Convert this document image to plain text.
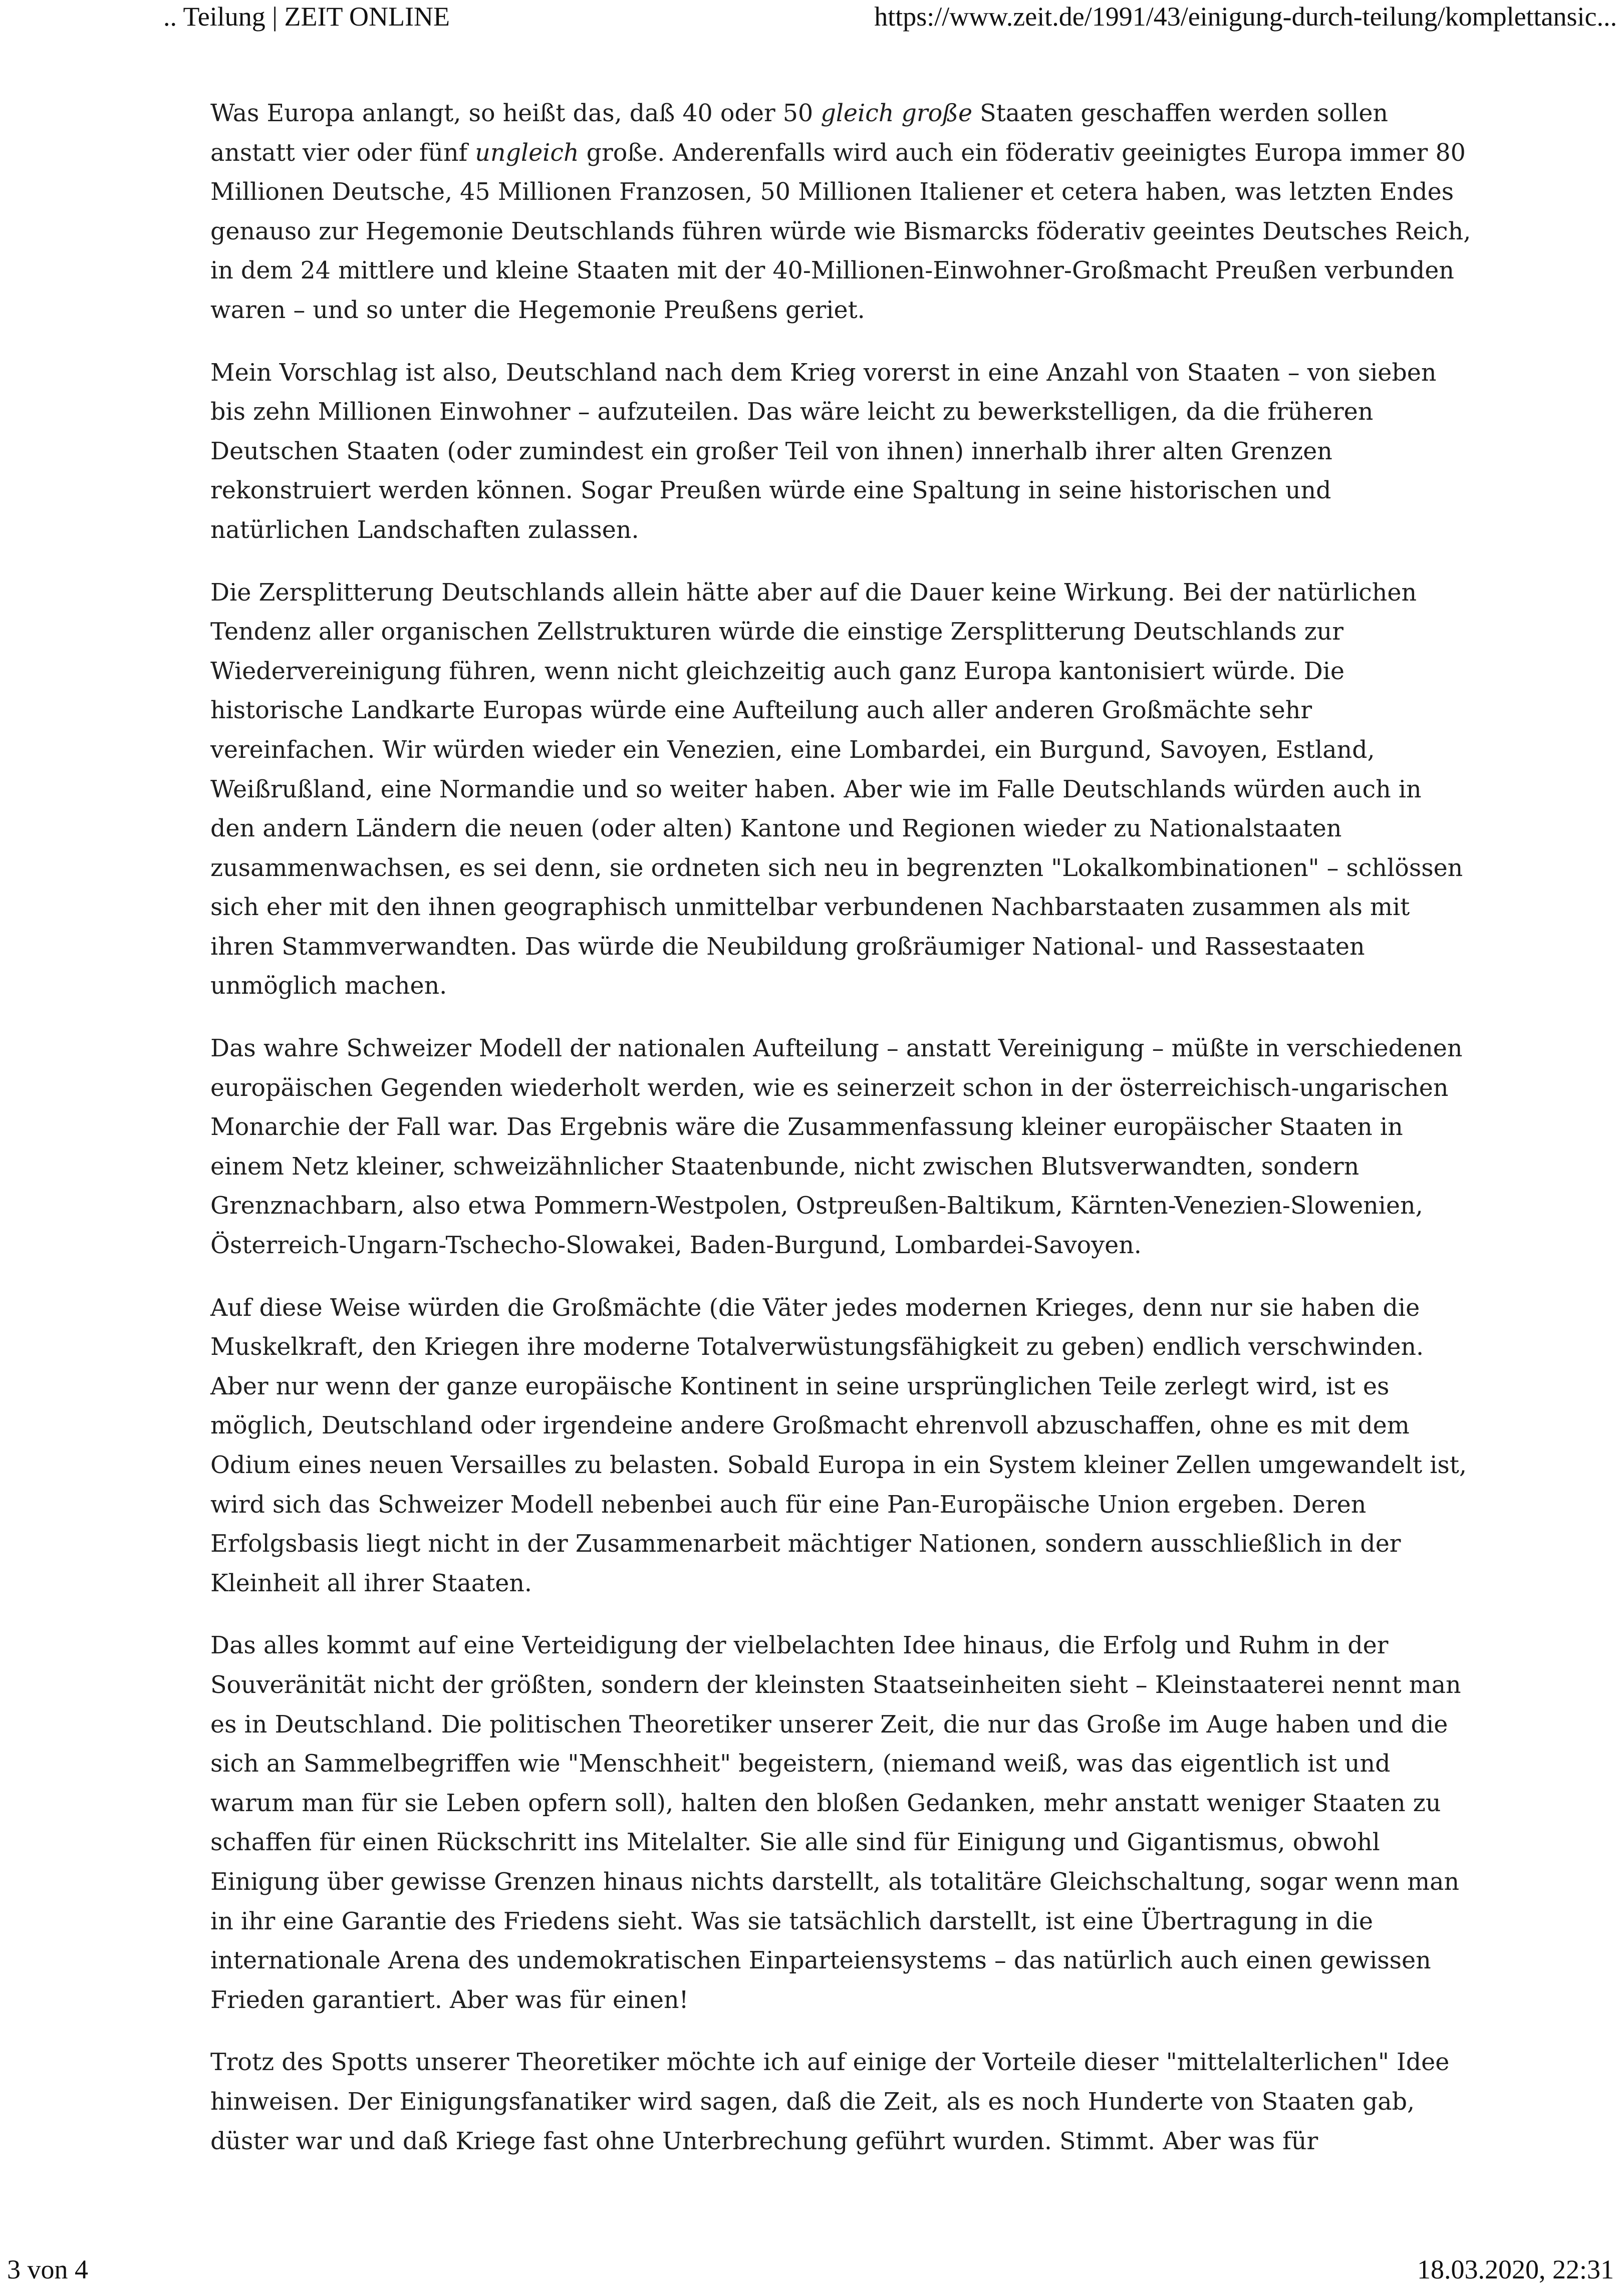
.. Teilung | ZEIT ONLINE	https://www.zeit.de/1991/43/einigung-durch-teilung/komplettansic...

Was Europa anlangt, so heißt das, daß 40 oder 50 gleich große Staaten geschaffen werden sollen anstatt vier oder fünf ungleich große. Anderenfalls wird auch ein föderativ geeinigtes Europa immer 80 Millionen Deutsche, 45 Millionen Franzosen, 50 Millionen Italiener et cetera haben, was letzten Endes genauso zur Hegemonie Deutschlands führen würde wie Bismarcks föderativ geeintes Deutsches Reich, in dem 24 mittlere und kleine Staaten mit der 40-Millionen-Einwohner-Großmacht Preußen verbunden waren – und so unter die Hegemonie Preußens geriet.

Mein Vorschlag ist also, Deutschland nach dem Krieg vorerst in eine Anzahl von Staaten – von sieben bis zehn Millionen Einwohner – aufzuteilen. Das wäre leicht zu bewerkstelligen, da die früheren Deutschen Staaten (oder zumindest ein großer Teil von ihnen) innerhalb ihrer alten Grenzen rekonstruiert werden können. Sogar Preußen würde eine Spaltung in seine historischen und natürlichen Landschaften zulassen.

Die Zersplitterung Deutschlands allein hätte aber auf die Dauer keine Wirkung. Bei der natürlichen Tendenz aller organischen Zellstrukturen würde die einstige Zersplitterung Deutschlands zur Wiedervereinigung führen, wenn nicht gleichzeitig auch ganz Europa kantonisiert würde. Die historische Landkarte Europas würde eine Aufteilung auch aller anderen Großmächte sehr vereinfachen. Wir würden wieder ein Venezien, eine Lombardei, ein Burgund, Savoyen, Estland, Weißrußland, eine Normandie und so weiter haben. Aber wie im Falle Deutschlands würden auch in den andern Ländern die neuen (oder alten) Kantone und Regionen wieder zu Nationalstaaten zusammenwachsen, es sei denn, sie ordneten sich neu in begrenzten "Lokalkombinationen" – schlössen sich eher mit den ihnen geographisch unmittelbar verbundenen Nachbarstaaten zusammen als mit ihren Stammverwandten. Das würde die Neubildung großräumiger National- und Rassestaaten unmöglich machen.

Das wahre Schweizer Modell der nationalen Aufteilung – anstatt Vereinigung – müßte in verschiedenen europäischen Gegenden wiederholt werden, wie es seinerzeit schon in der österreichisch-ungarischen Monarchie der Fall war. Das Ergebnis wäre die Zusammenfassung kleiner europäischer Staaten in einem Netz kleiner, schweizähnlicher Staatenbunde, nicht zwischen Blutsverwandten, sondern Grenznachbarn, also etwa Pommern-Westpolen, Ostpreußen-Baltikum, Kärnten-Venezien-Slowenien, Österreich-Ungarn-Tschecho-Slowakei, Baden-Burgund, Lombardei-Savoyen.

Auf diese Weise würden die Großmächte (die Väter jedes modernen Krieges, denn nur sie haben die Muskelkraft, den Kriegen ihre moderne Totalverwüstungsfähigkeit zu geben) endlich verschwinden. Aber nur wenn der ganze europäische Kontinent in seine ursprünglichen Teile zerlegt wird, ist es möglich, Deutschland oder irgendeine andere Großmacht ehrenvoll abzuschaffen, ohne es mit dem Odium eines neuen Versailles zu belasten. Sobald Europa in ein System kleiner Zellen umgewandelt ist, wird sich das Schweizer Modell nebenbei auch für eine Pan-Europäische Union ergeben. Deren Erfolgsbasis liegt nicht in der Zusammenarbeit mächtiger Nationen, sondern ausschließlich in der Kleinheit all ihrer Staaten.

Das alles kommt auf eine Verteidigung der vielbelachten Idee hinaus, die Erfolg und Ruhm in der Souveränität nicht der größten, sondern der kleinsten Staatseinheiten sieht – Kleinstaaterei nennt man es in Deutschland. Die politischen Theoretiker unserer Zeit, die nur das Große im Auge haben und die sich an Sammelbegriffen wie "Menschheit" begeistern, (niemand weiß, was das eigentlich ist und warum man für sie Leben opfern soll), halten den bloßen Gedanken, mehr anstatt weniger Staaten zu schaffen für einen Rückschritt ins Mitelalter. Sie alle sind für Einigung und Gigantismus, obwohl Einigung über gewisse Grenzen hinaus nichts darstellt, als totalitäre Gleichschaltung, sogar wenn man in ihr eine Garantie des Friedens sieht. Was sie tatsächlich darstellt, ist eine Übertragung in die internationale Arena des undemokratischen Einparteiensystems – das natürlich auch einen gewissen Frieden garantiert. Aber was für einen!

Trotz des Spotts unserer Theoretiker möchte ich auf einige der Vorteile dieser "mittelalterlichen" Idee hinweisen. Der Einigungsfanatiker wird sagen, daß die Zeit, als es noch Hunderte von Staaten gab, düster war und daß Kriege fast ohne Unterbrechung geführt wurden. Stimmt. Aber was für

3 von 4	18.03.2020, 22:31
